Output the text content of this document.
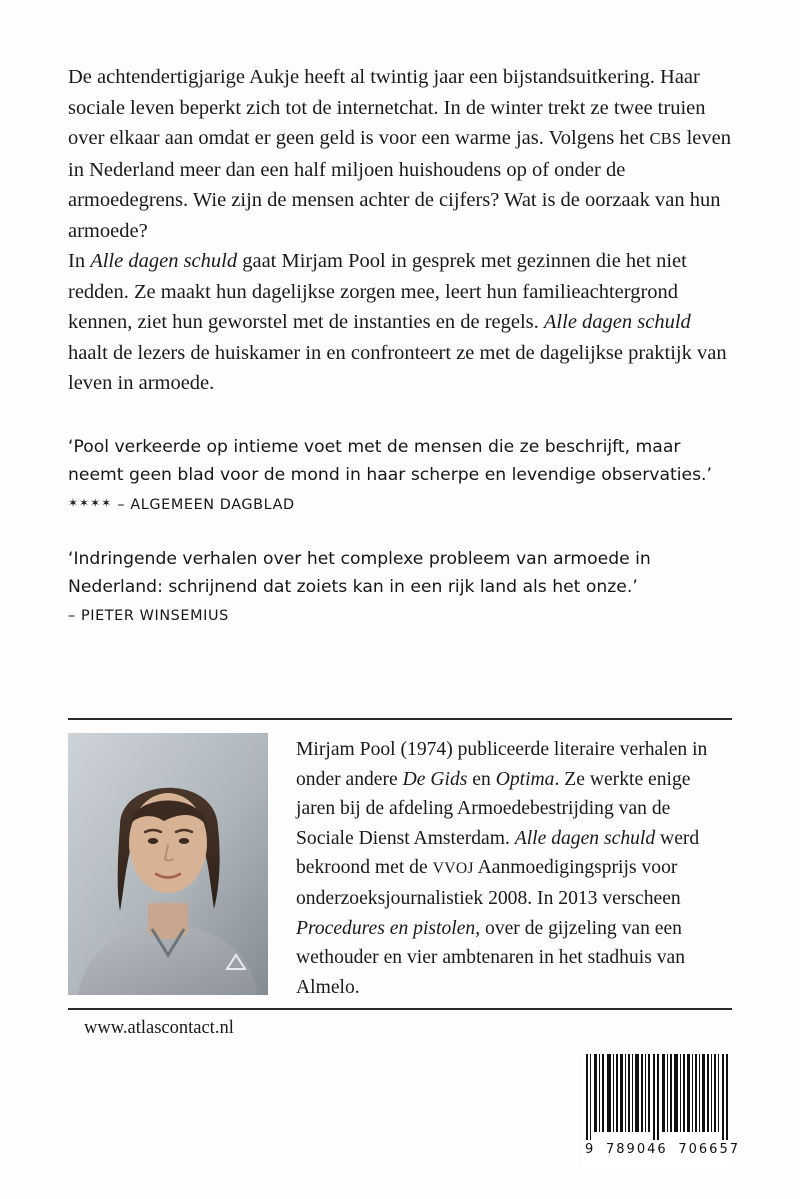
De achtendertigjarige Aukje heeft al twintig jaar een bijstandsuitkering. Haar sociale leven beperkt zich tot de internetchat. In de winter trekt ze twee truien over elkaar aan omdat er geen geld is voor een warme jas. Volgens het CBS leven in Nederland meer dan een half miljoen huishoudens op of onder de armoedegrens. Wie zijn de mensen achter de cijfers? Wat is de oorzaak van hun armoede?

In Alle dagen schuld gaat Mirjam Pool in gesprek met gezinnen die het niet redden. Ze maakt hun dagelijkse zorgen mee, leert hun familieachtergrond kennen, ziet hun geworstel met de instanties en de regels. Alle dagen schuld haalt de lezers de huiskamer in en confronteert ze met de dagelijkse praktijk van leven in armoede.

‘Pool verkeerde op intieme voet met de mensen die ze beschrijft, maar neemt geen blad voor de mond in haar scherpe en levendige observaties.’ ✶✶✶✶ – ALGEMEEN DAGBLAD
‘Indringende verhalen over het complexe probleem van armoede in Nederland: schrijnend dat zoiets kan in een rijk land als het onze.’
– PIETER WINSEMIUS

Mirjam Pool (1974) publiceerde literaire verhalen in onder andere De Gids en Optima. Ze werkte enige jaren bij de afdeling Armoedebestrijding van de Sociale Dienst Amsterdam. Alle dagen schuld werd bekroond met de VVOJ Aanmoedigingsprijs voor onderzoeksjournalistiek 2008. In 2013 verscheen Procedures en pistolen, over de gijzeling van een wethouder en vier ambtenaren in het stadhuis van Almelo.

www.atlascontact.nl
9  789046  706657
